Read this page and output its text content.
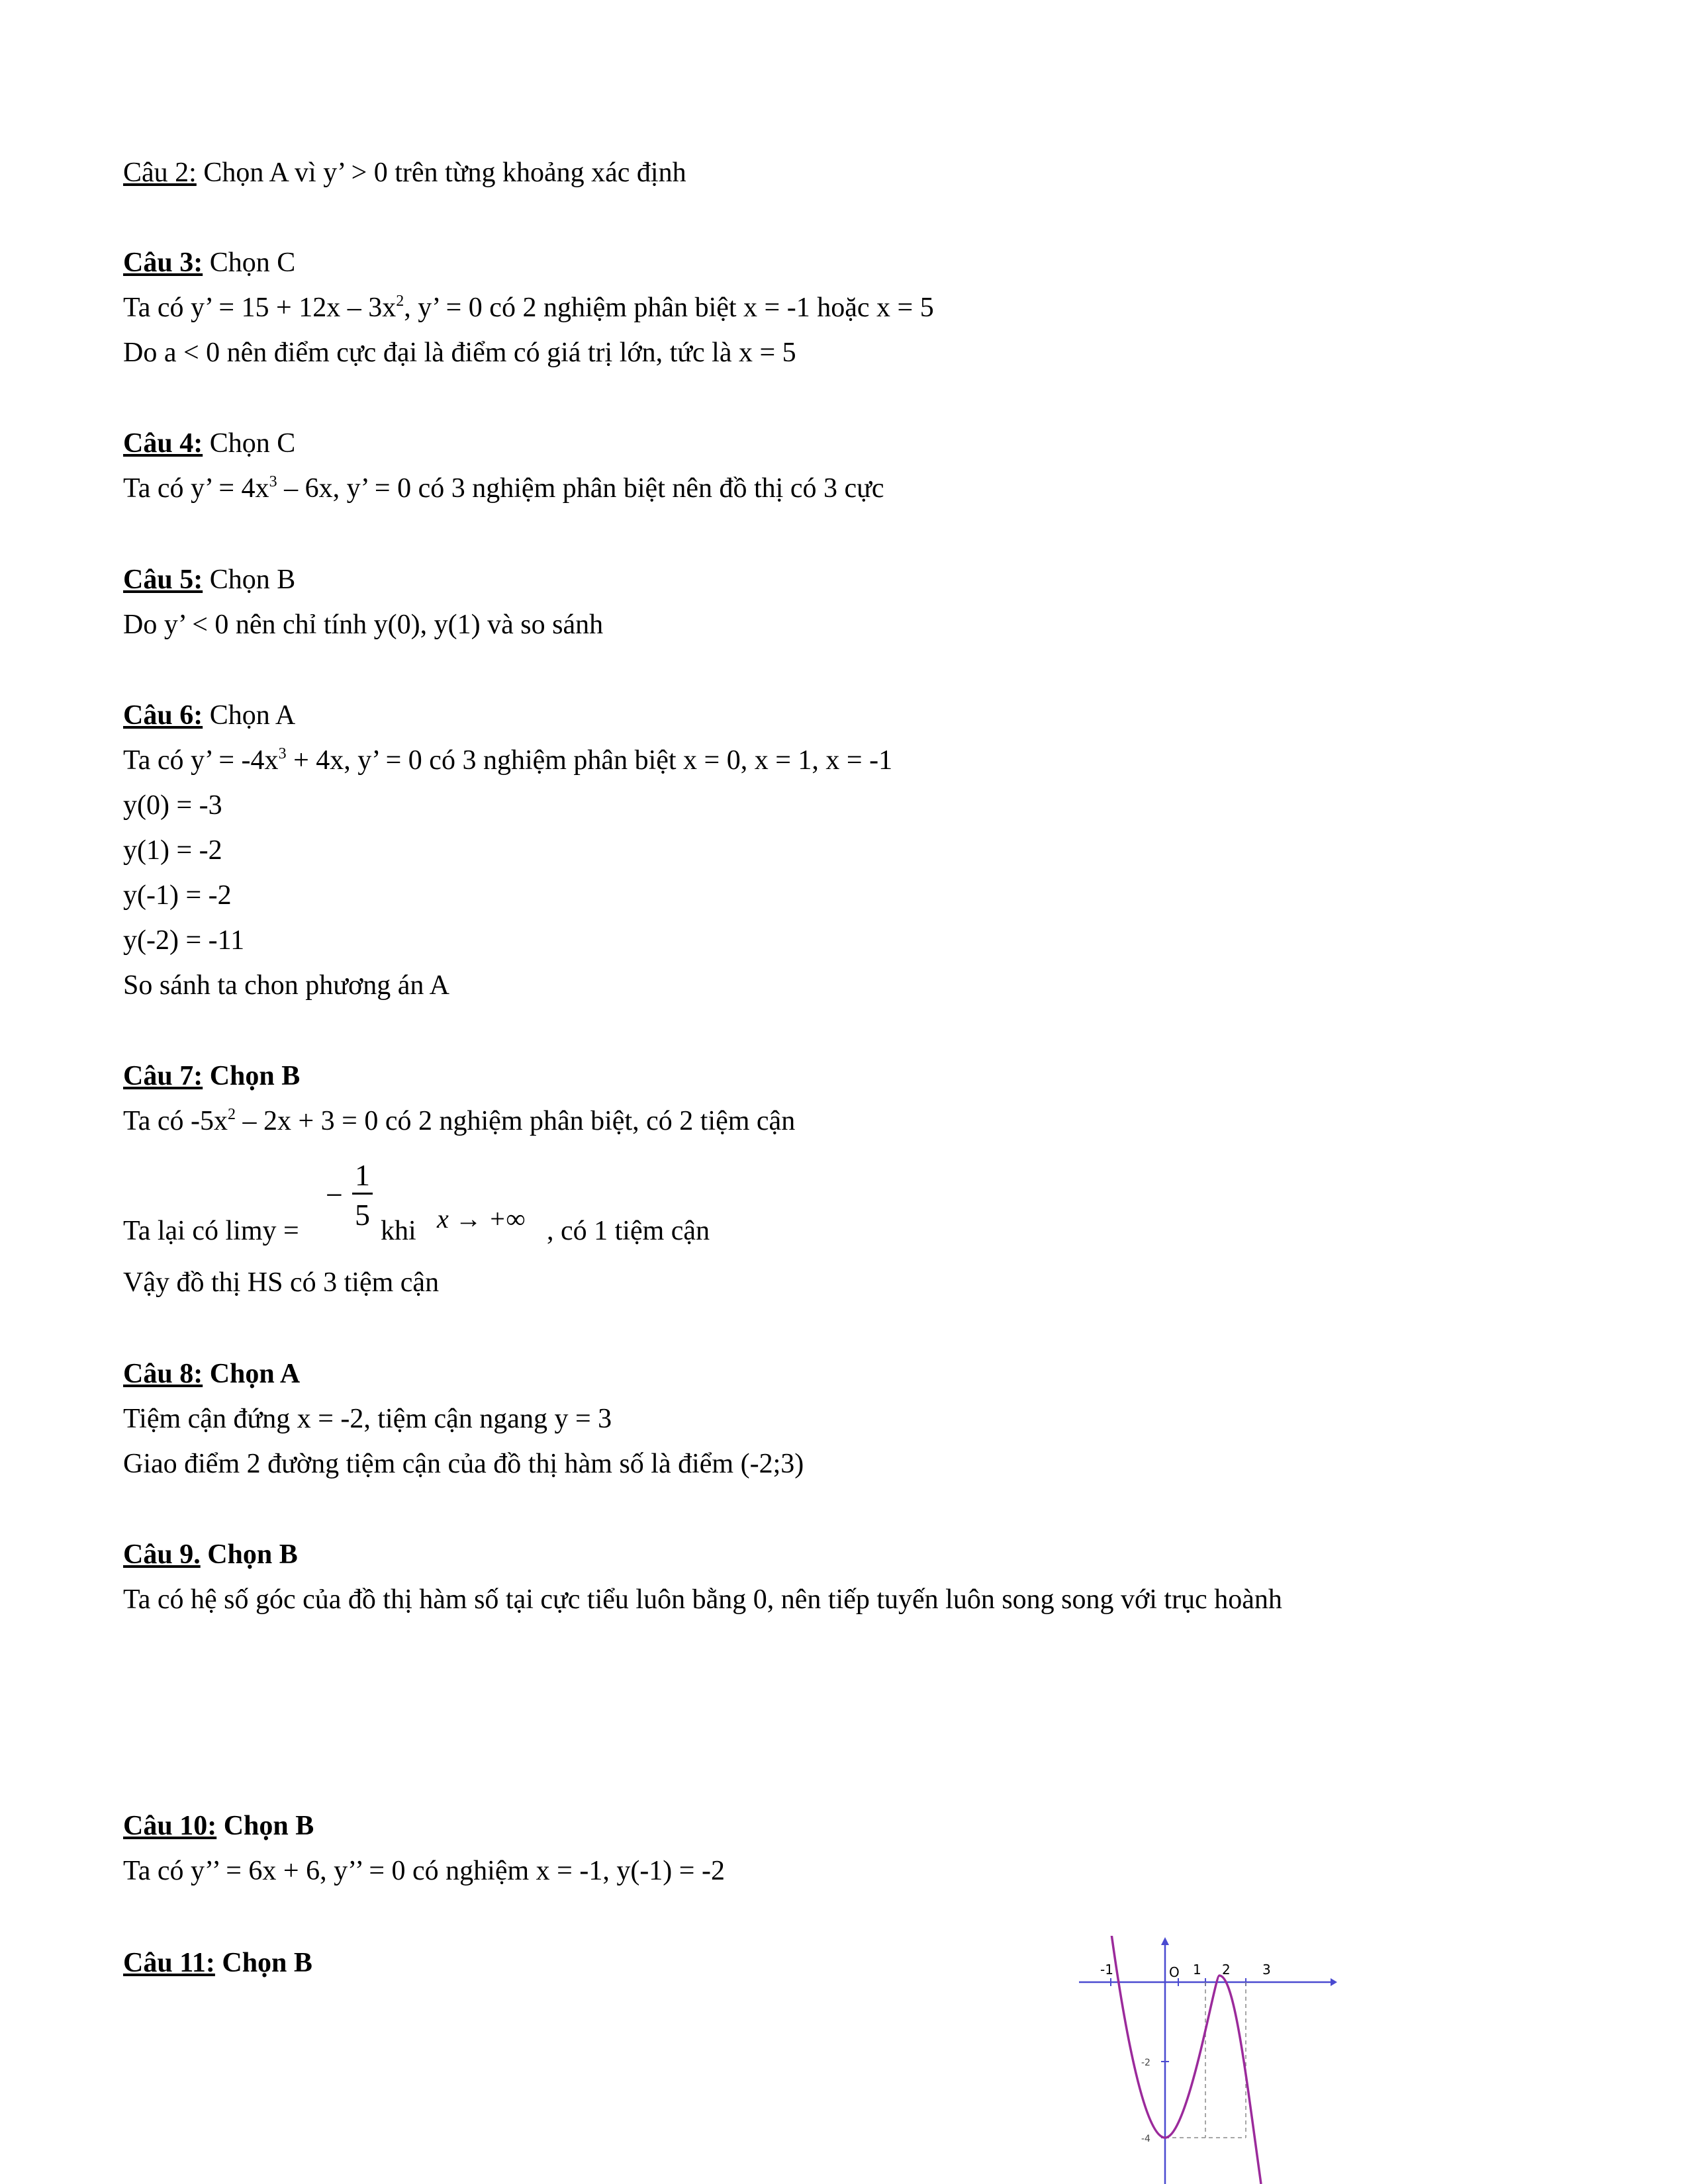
Câu 2: Chọn A vì y’ > 0 trên từng khoảng xác định
Câu 3: Chọn C
Ta có y’ = $15 + 12x - 3x^2$, y’ = 0 có 2 nghiệm phân biệt x = -1 hoặc x = 5
Do a < 0 nên điểm cực đại là điểm có giá trị lớn, tức là x = 5
Câu 4: Chọn C
Ta có y’ = $4x^3 - 6x$, y’ = 0 có 3 nghiệm phân biệt nên đồ thị có 3 cực
Câu 5: Chọn B
Do y’ < 0 nên chỉ tính y(0), y(1) và so sánh
Câu 6: Chọn A
Ta có y’ = $-4x^3 + 4x$, y’ = 0 có 3 nghiệm phân biệt x = 0, x = 1, x = -1
y(0) = -3
y(1) = -2
y(-1) = -2
y(-2) = -11
So sánh ta chon phương án A
Câu 7: Chọn B
Ta có $-5x^2 - 2x + 3 = 0$ có 2 nghiệm phân biệt, có 2 tiệm cận
Ta lại có limy =
−
1
5 khi x → +∞ , có 1 tiệm cận
Vậy đồ thị HS có 3 tiệm cận
Câu 8: Chọn A
Tiệm cận đứng x = -2, tiệm cận ngang y = 3
Giao điểm 2 đường tiệm cận của đồ thị hàm số là điểm (-2;3)
Câu 9. Chọn B
Ta có hệ số góc của đồ thị hàm số tại cực tiểu luôn bằng 0, nên tiếp tuyến luôn song song với trục hoành
Câu 10: Chọn B
Ta có y’’ = 6x + 6, y’’ = 0 có nghiệm x = -1, y(-1) = -2
Câu 11: Chọn B	-1	O 1 2 3
-2
-4
